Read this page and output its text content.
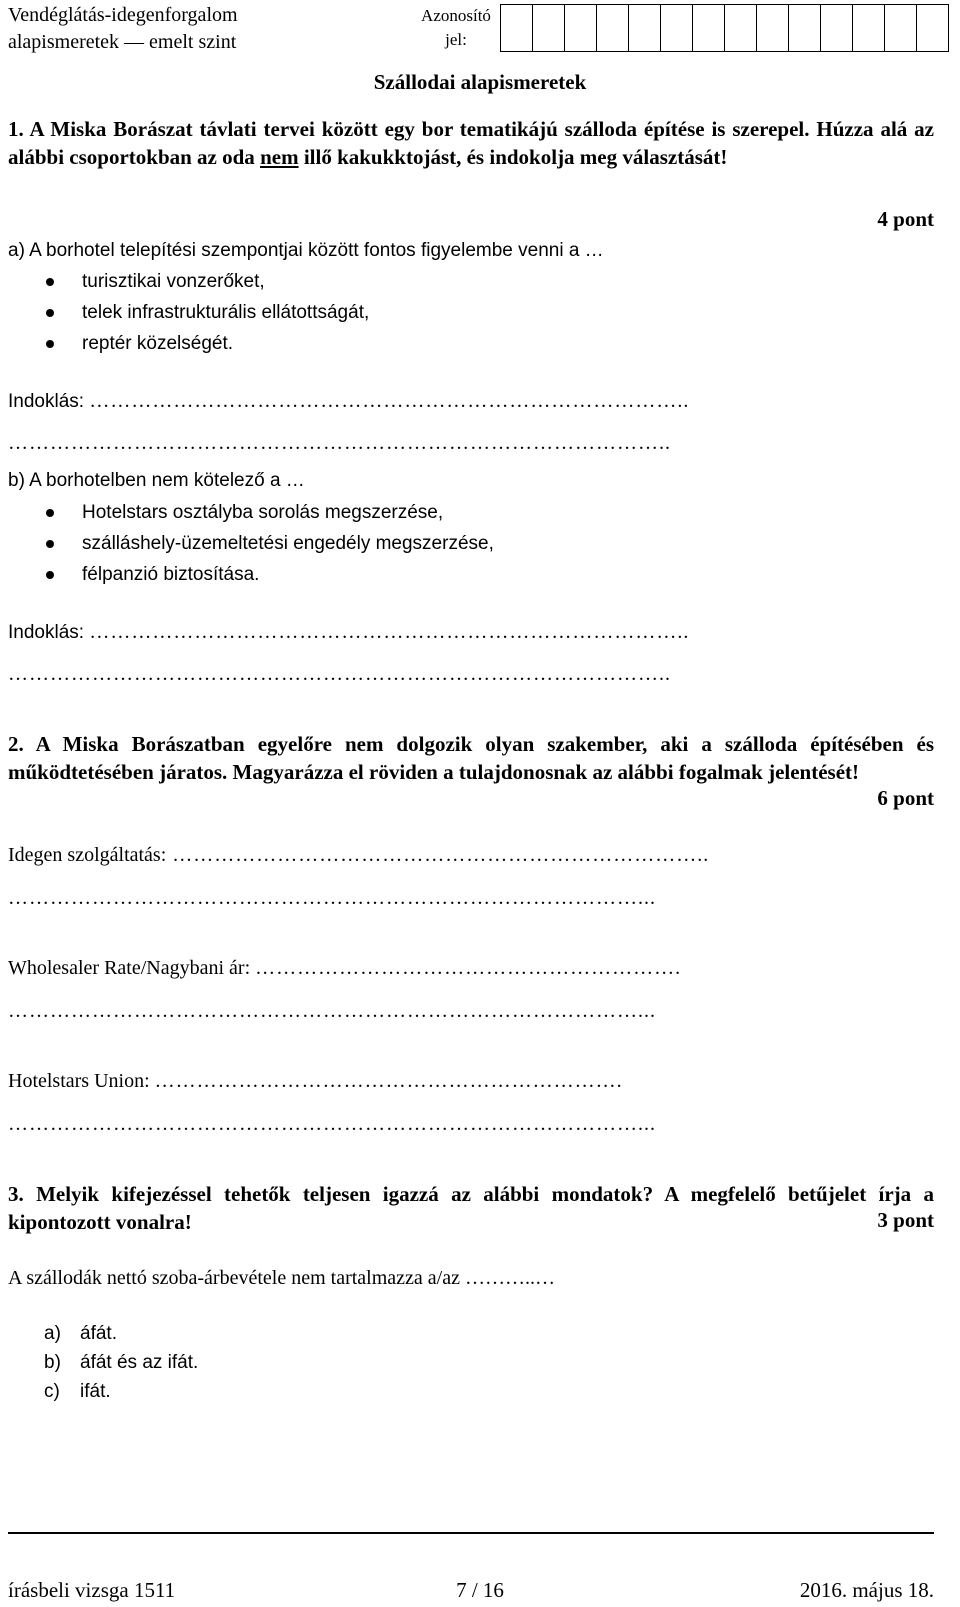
Vendéglátás-idegenforgalom
alapismeretek — emelt szint
Azonosító
jel:
Szállodai alapismeretek
1. A Miska Borászat távlati tervei között egy bor tematikájú szálloda építése is szerepel. Húzza alá az alábbi csoportokban az oda nem illő kakukktojást, és indokolja meg választását!
4 pont
a) A borhotel telepítési szempontjai között fontos figyelembe venni a …
turisztikai vonzerőket,
telek infrastrukturális ellátottságát,
reptér közelségét.
Indoklás: …………………………………………………………………………..
…………………………………………………………………………………..
b) A borhotelben nem kötelező a …
Hotelstars osztályba sorolás megszerzése,
szálláshely-üzemeltetési engedély megszerzése,
félpanzió biztosítása.
Indoklás: …………………………………………………………………………..
…………………………………………………………………………………..
2. A Miska Borászatban egyelőre nem dolgozik olyan szakember, aki a szálloda építésében és működtetésében járatos. Magyarázza el röviden a tulajdonosnak az alábbi fogalmak jelentését!
6 pont
Idegen szolgáltatás: …………………………………………………………………..
………………………………………………………………………………...
Wholesaler Rate/Nagybani ár: …………………………………………………….
………………………………………………………………………………...
Hotelstars Union: ………………………………………………………….
………………………………………………………………………………...
3. Melyik kifejezéssel tehetők teljesen igazzá az alábbi mondatok? A megfelelő betűjelet írja a kipontozott vonalra!	3 pont
A szállodák nettó szoba-árbevétele nem tartalmazza a/az ………..…
a) áfát.
b) áfát és az ifát.
c) ifát.
írásbeli vizsga 1511	7 / 16	2016. május 18.
